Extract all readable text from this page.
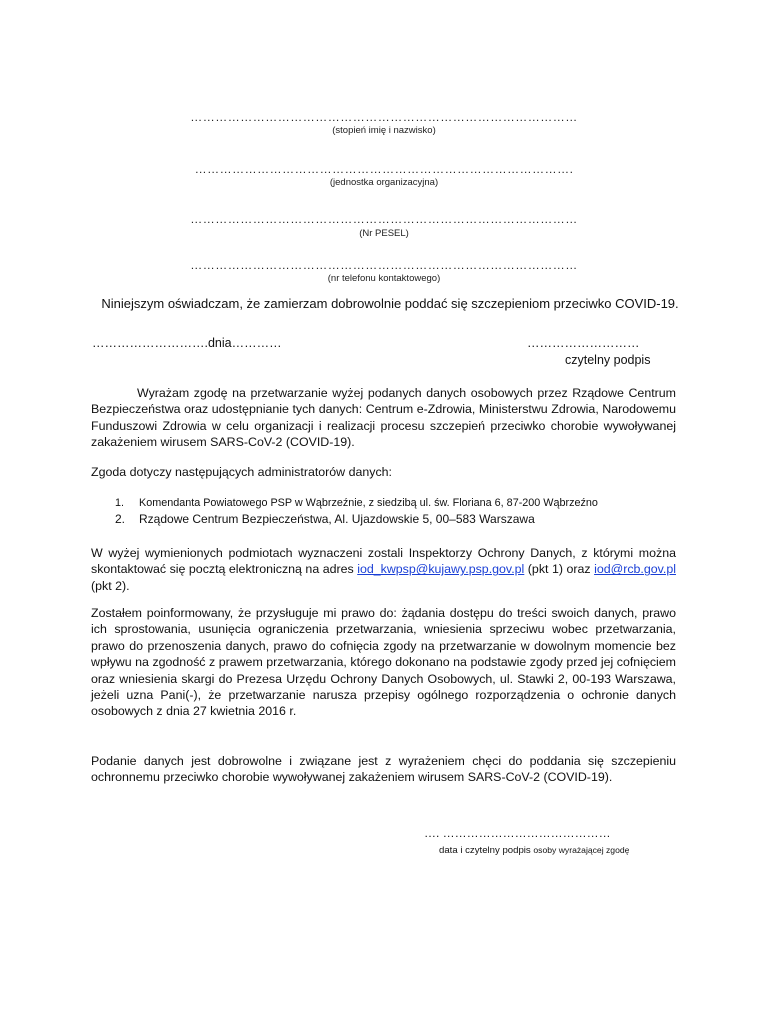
…………………………………………………………………………………
(stopień imię i nazwisko)
……………………………………………………………………………….
(jednostka organizacyjna)
…………………………………………………………………………………
(Nr PESEL)
…………………………………………………………………………………
(nr telefonu kontaktowego)
Niniejszym oświadczam, że zamierzam dobrowolnie poddać się szczepieniom przeciwko COVID-19.
……………………….dnia…………	………………………
czytelny podpis

Wyrażam zgodę na przetwarzanie wyżej podanych danych osobowych przez Rządowe Centrum Bezpieczeństwa oraz udostępnianie tych danych: Centrum e-Zdrowia, Ministerstwu Zdrowia, Narodowemu Funduszowi Zdrowia w celu organizacji i realizacji procesu szczepień przeciwko chorobie wywoływanej zakażeniem wirusem SARS-CoV-2 (COVID-19).

Zgoda dotyczy następujących administratorów danych:

1. Komendanta Powiatowego PSP w Wąbrzeźnie, z siedzibą ul. św. Floriana 6, 87-200 Wąbrzeźno
2. Rządowe Centrum Bezpieczeństwa, Al. Ujazdowskie 5, 00–583 Warszawa

W wyżej wymienionych podmiotach wyznaczeni zostali Inspektorzy Ochrony Danych, z którymi można skontaktować się pocztą elektroniczną na adres iod_kwpsp@kujawy.psp.gov.pl (pkt 1) oraz iod@rcb.gov.pl (pkt 2).

Zostałem poinformowany, że przysługuje mi prawo do: żądania dostępu do treści swoich danych, prawo ich sprostowania, usunięcia ograniczenia przetwarzania, wniesienia sprzeciwu wobec przetwarzania, prawo do przenoszenia danych, prawo do cofnięcia zgody na przetwarzanie w dowolnym momencie bez wpływu na zgodność z prawem przetwarzania, którego dokonano na podstawie zgody przed jej cofnięciem oraz wniesienia skargi do Prezesa Urzędu Ochrony Danych Osobowych, ul. Stawki 2, 00-193 Warszawa, jeżeli uzna Pani(-), że przetwarzanie narusza przepisy ogólnego rozporządzenia o ochronie danych osobowych z dnia 27 kwietnia 2016 r.

Podanie danych jest dobrowolne i związane jest z wyrażeniem chęci do poddania się szczepieniu ochronnemu przeciwko chorobie wywoływanej zakażeniem wirusem SARS-CoV-2 (COVID-19).

…. ……………………………………
data i czytelny podpis osoby wyrażającej zgodę
